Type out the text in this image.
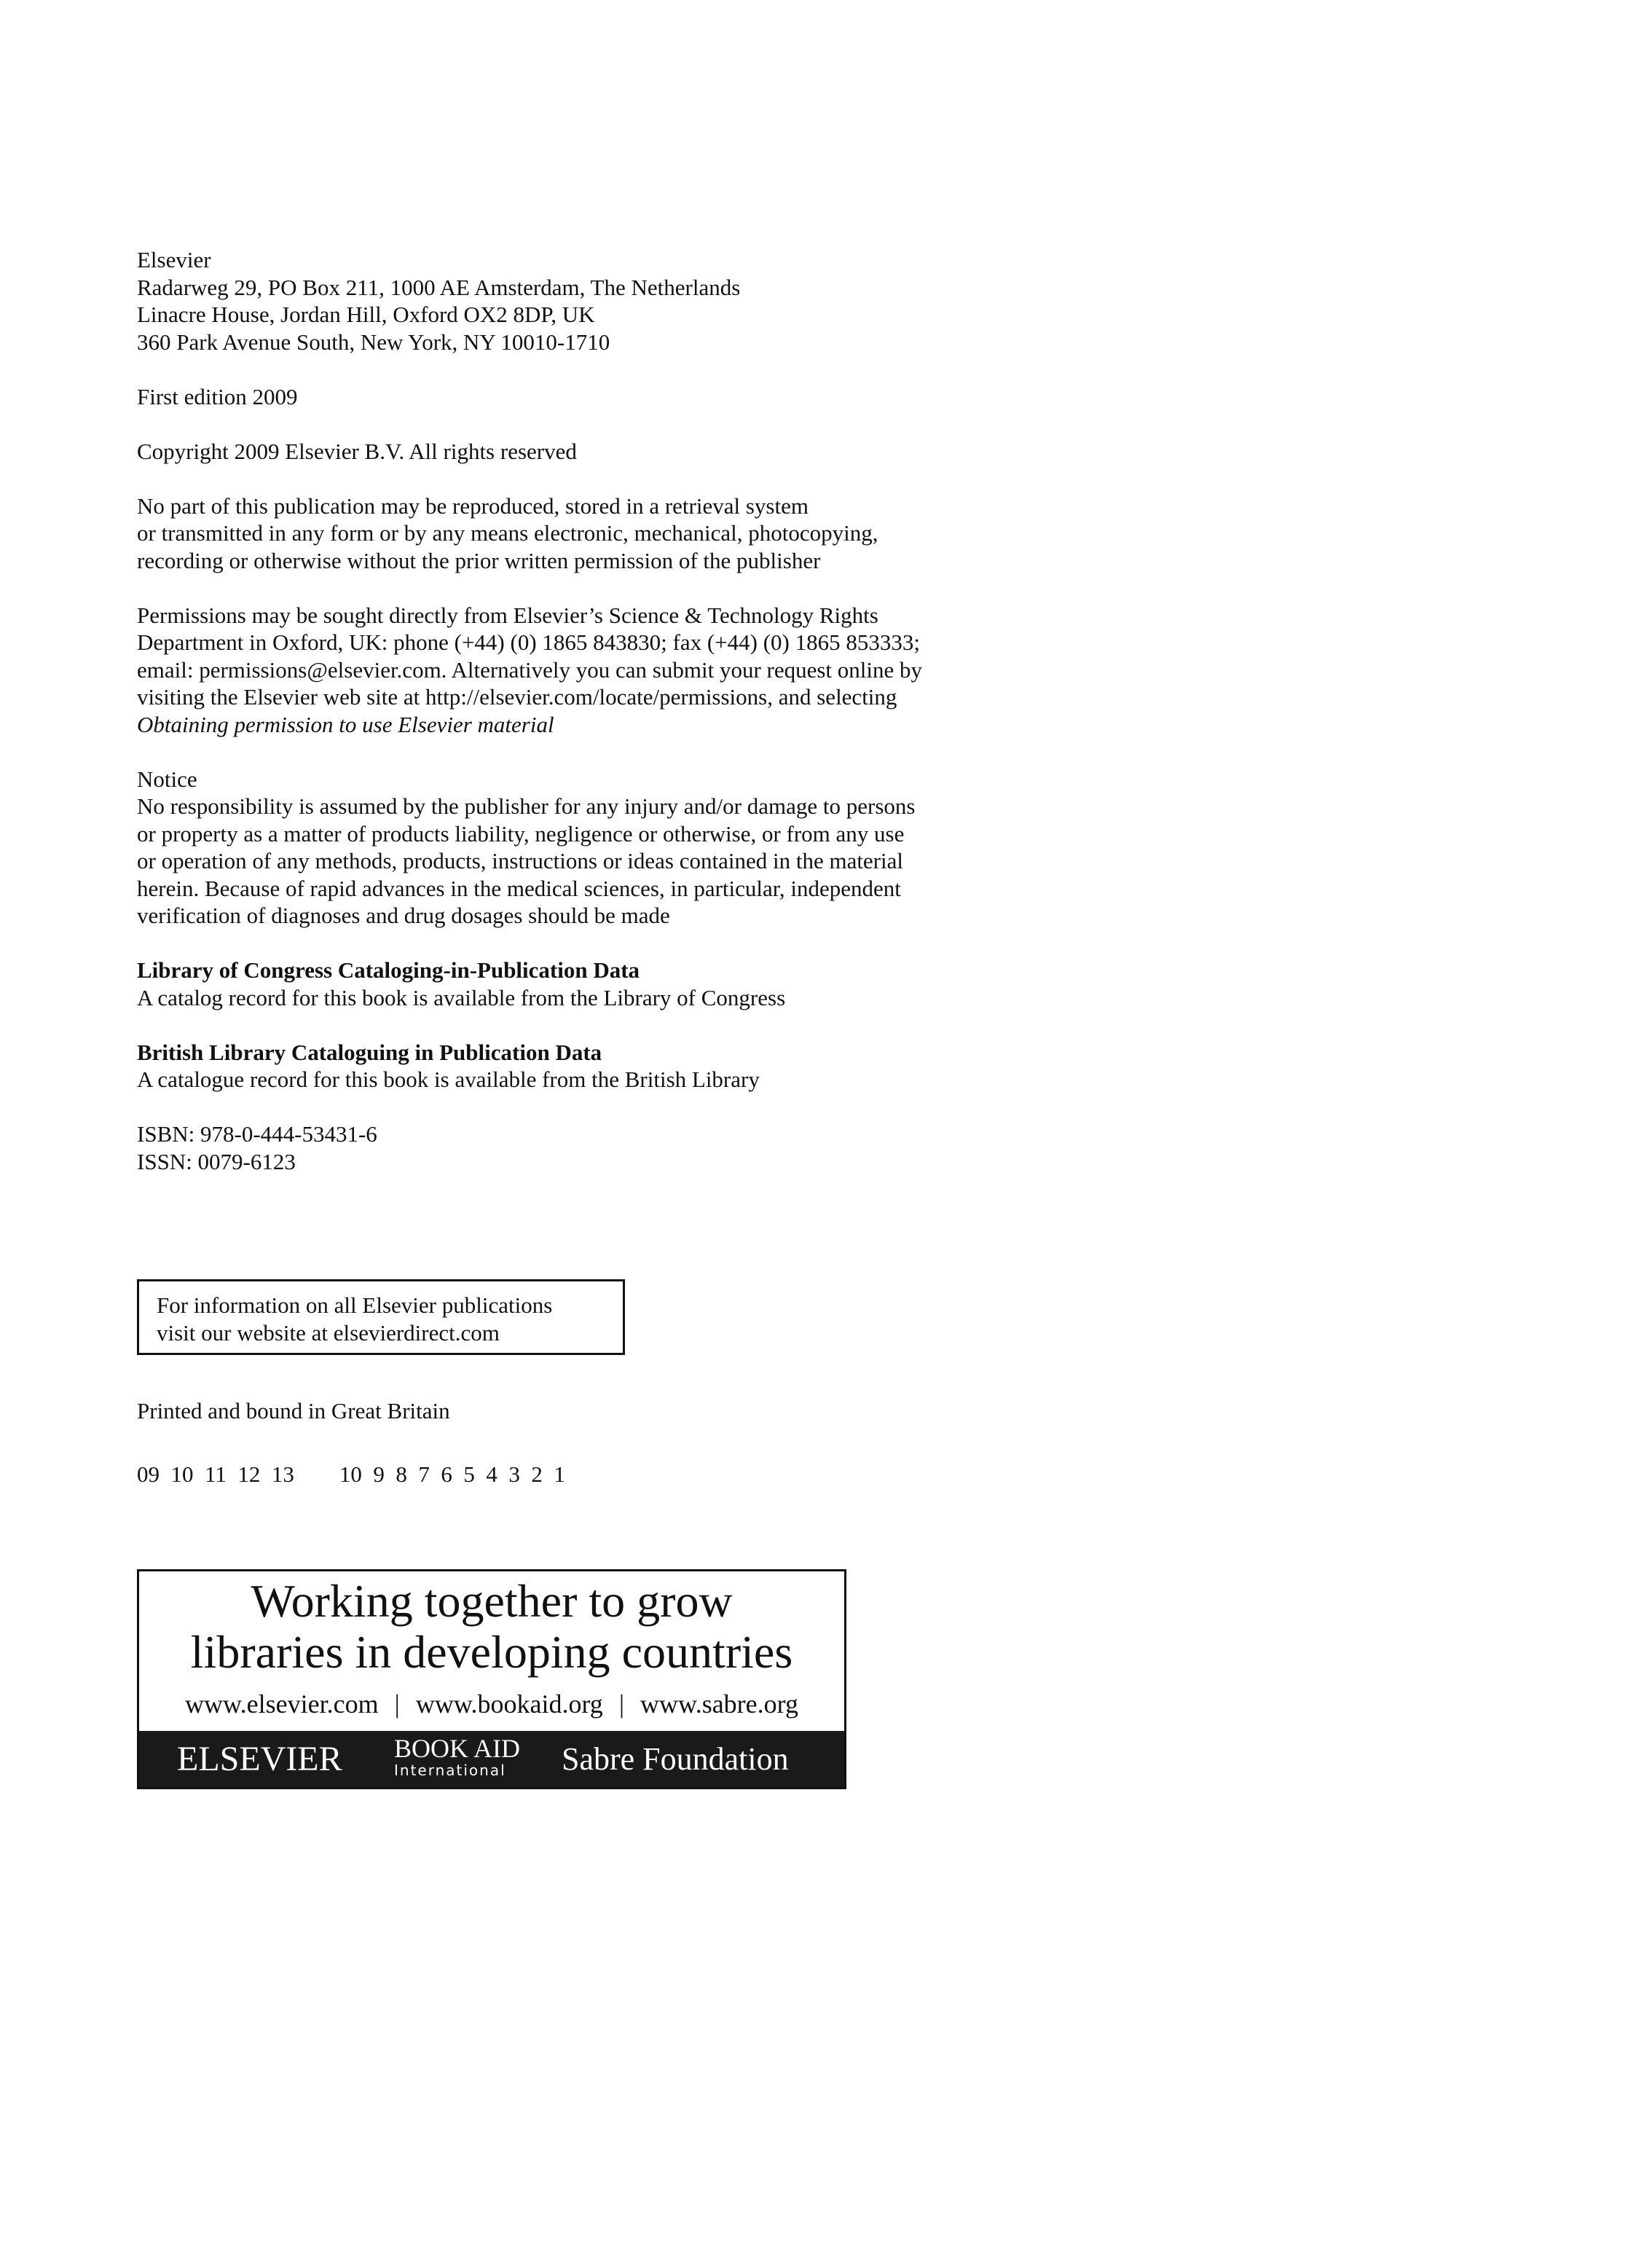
Elsevier
Radarweg 29, PO Box 211, 1000 AE Amsterdam, The Netherlands
Linacre House, Jordan Hill, Oxford OX2 8DP, UK
360 Park Avenue South, New York, NY 10010-1710
First edition 2009
Copyright 2009 Elsevier B.V. All rights reserved
No part of this publication may be reproduced, stored in a retrieval system
or transmitted in any form or by any means electronic, mechanical, photocopying,
recording or otherwise without the prior written permission of the publisher
Permissions may be sought directly from Elsevier’s Science & Technology Rights
Department in Oxford, UK: phone (+44) (0) 1865 843830; fax (+44) (0) 1865 853333;
email: permissions@elsevier.com. Alternatively you can submit your request online by
visiting the Elsevier web site at http://elsevier.com/locate/permissions, and selecting
Obtaining permission to use Elsevier material
Notice
No responsibility is assumed by the publisher for any injury and/or damage to persons
or property as a matter of products liability, negligence or otherwise, or from any use
or operation of any methods, products, instructions or ideas contained in the material
herein. Because of rapid advances in the medical sciences, in particular, independent
verification of diagnoses and drug dosages should be made
Library of Congress Cataloging-in-Publication Data
A catalog record for this book is available from the Library of Congress
British Library Cataloguing in Publication Data
A catalogue record for this book is available from the British Library
ISBN: 978-0-444-53431-6
ISSN: 0079-6123
For information on all Elsevier publications
visit our website at elsevierdirect.com
Printed and bound in Great Britain
09  10  11  12  13        10  9  8  7  6  5  4  3  2  1
Working together to grow
libraries in developing countries
www.elsevier.com | www.bookaid.org | www.sabre.org
ELSEVIER BOOK AID
International	Sabre Foundation
